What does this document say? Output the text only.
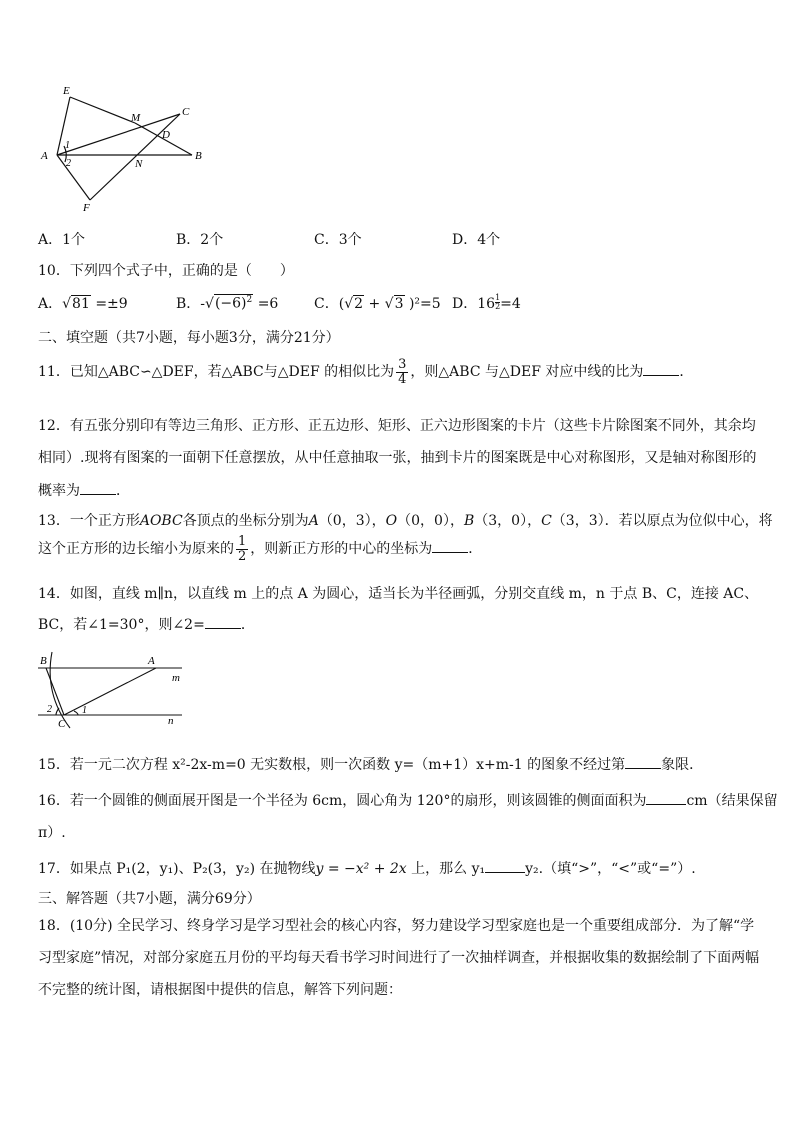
E
M	C
D
A
1
2	N
B
F
A．1个	B．2个	C．3个	D．4个
10．下列四个式子中，正确的是（　　）
A．√81 =±9	B．$-√(-6)^2 =6$	C．(√2 + √3 )²=5 D．$16 \frac{1}{2} =4$
二、填空题（共7小题，每小题3分，满分21分）
11．已知△ABC∽△DEF，若△ABC与△DEF 的相似比为 $\frac{3}{4}$ ，则△ABC 与△DEF 对应中线的比为	．
12．有五张分别印有等边三角形、正方形、正五边形、矩形、正六边形图案的卡片（这些卡片除图案不同外，其余均
相同）.现将有图案的一面朝下任意摆放，从中任意抽取一张，抽到卡片的图案既是中心对称图形，又是轴对称图形的
概率为	．
13．一个正方形AOBC各顶点的坐标分别为A（0，3），O（0，0），B（3，0），C（3，3）．若以原点为位似中心，将
这个正方形的边长缩小为原来的 $\frac{1}{2}$ ，则新正方形的中心的坐标为	．
14．如图，直线 m∥n，以直线 m 上的点 A 为圆心，适当长为半径画弧，分别交直线 m，n 于点 B、C，连接 AC、
BC，若∠1=30°，则∠2=	．
B	A
m
2	1
C	n
15．若一元二次方程 x²-2x-m=0 无实数根，则一次函数 y=（m+1）x+m-1 的图象不经过第	象限．
16．若一个圆锥的侧面展开图是一个半径为 6cm，圆心角为 120°的扇形，则该圆锥的侧面面积为	cm（结果保留
π）.
17．如果点 P₁(2，y₁)、P₂(3，y₂) 在抛物线y = −x² + 2x 上，那么 y₁	y₂.（填“>”，“<”或“=”）.
三、解答题（共7小题，满分69分）
18．(10分) 全民学习、终身学习是学习型社会的核心内容，努力建设学习型家庭也是一个重要组成部分．为了解“学
习型家庭”情况，对部分家庭五月份的平均每天看书学习时间进行了一次抽样调查，并根据收集的数据绘制了下面两幅
不完整的统计图，请根据图中提供的信息，解答下列问题：
